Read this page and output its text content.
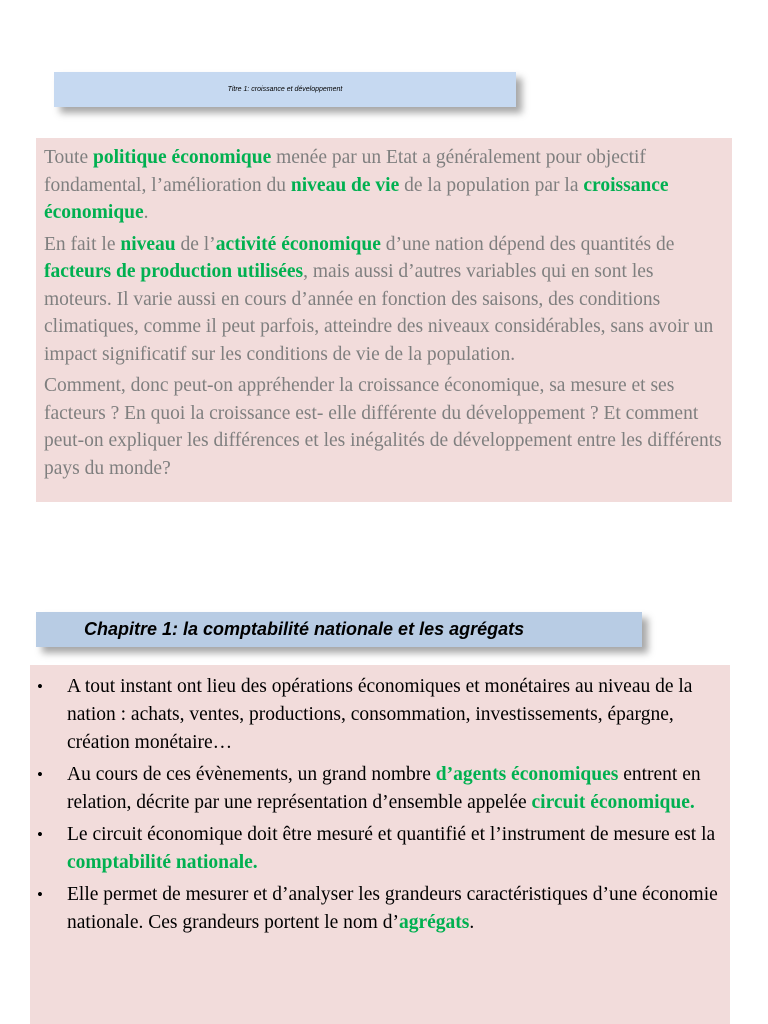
Titre 1: croissance et développement

Toute politique économique menée par un Etat a généralement pour objectif fondamental, l’amélioration du niveau de vie de la population par la croissance économique.

En fait le niveau de l’activité économique d’une nation dépend des quantités de facteurs de production utilisées, mais aussi d’autres variables qui en sont les moteurs. Il varie aussi en cours d’année en fonction des saisons, des conditions climatiques, comme il peut parfois, atteindre des niveaux considérables, sans avoir un impact significatif sur les conditions de vie de la population.

Comment, donc peut-on appréhender la croissance économique, sa mesure et ses facteurs ? En quoi la croissance est- elle différente du développement ? Et comment peut-on expliquer les différences et les inégalités de développement entre les différents pays du monde?

Chapitre 1: la comptabilité nationale et les agrégats
• A tout instant ont lieu des opérations économiques et monétaires au niveau de la nation : achats, ventes, productions, consommation, investissements, épargne, création monétaire…
• Au cours de ces évènements, un grand nombre d’agents économiques entrent en relation, décrite par une représentation d’ensemble appelée circuit économique.
• Le circuit économique doit être mesuré et quantifié et l’instrument de mesure est la comptabilité nationale.
• Elle permet de mesurer et d’analyser les grandeurs caractéristiques d’une économie nationale. Ces grandeurs portent le nom d’agrégats.
